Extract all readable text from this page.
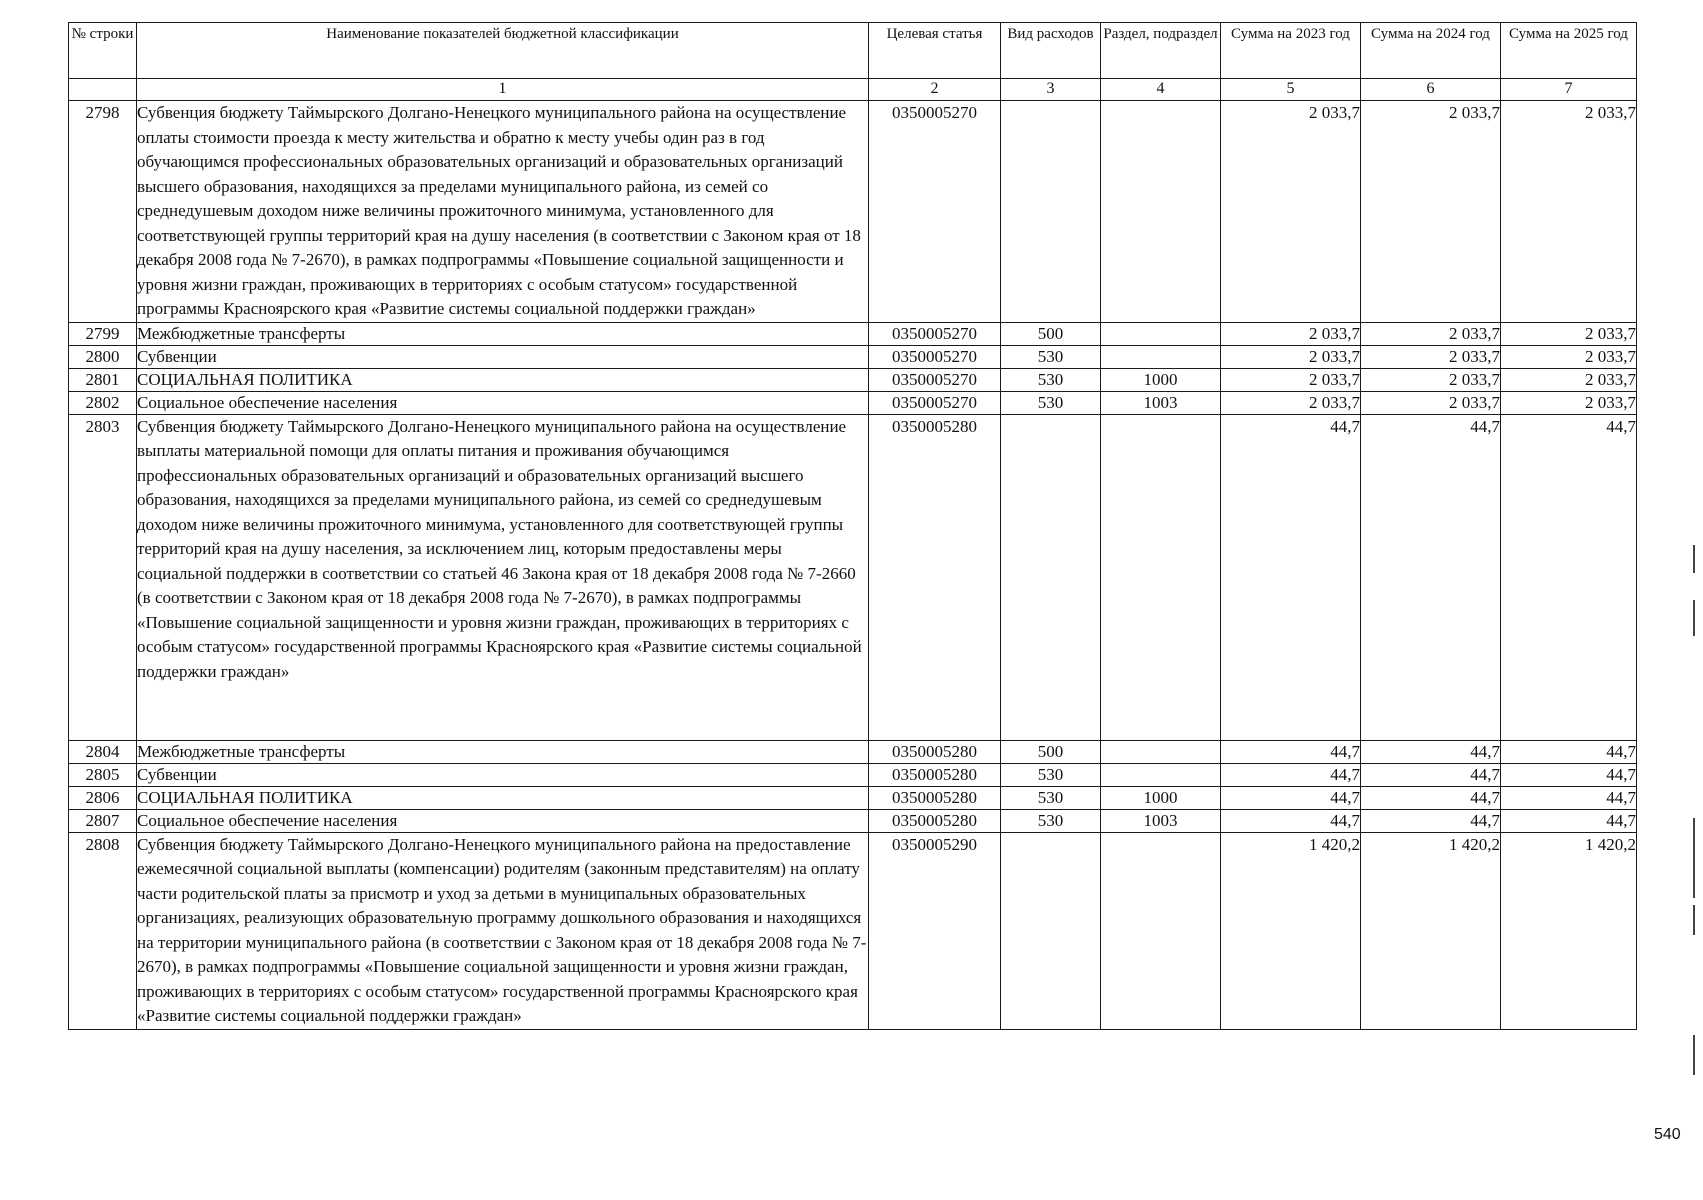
№ строки	Наименование показателей бюджетной классификации	Целевая статья	Вид расходов	Раздел, подраздел	Сумма на 2023 год	Сумма на 2024 год	Сумма на 2025 год
	1	2	3	4	5	6	7
2798	Субвенция бюджету Таймырского Долгано-Ненецкого муниципального района на осуществление оплаты стоимости проезда к месту жительства и обратно к месту учебы один раз в год обучающимся профессиональных образовательных организаций и образовательных организаций высшего образования, находящихся за пределами муниципального района, из семей со среднедушевым доходом ниже величины прожиточного минимума, установленного для соответствующей группы территорий края на душу населения (в соответствии с Законом края от 18 декабря 2008 года № 7-2670), в рамках подпрограммы «Повышение социальной защищенности и уровня жизни граждан, проживающих в территориях с особым статусом» государственной программы Красноярского края «Развитие системы социальной поддержки граждан»	0350005270			2 033,7	2 033,7	2 033,7
2799	Межбюджетные трансферты	0350005270	500		2 033,7	2 033,7	2 033,7
2800	Субвенции	0350005270	530		2 033,7	2 033,7	2 033,7
2801	СОЦИАЛЬНАЯ ПОЛИТИКА	0350005270	530	1000	2 033,7	2 033,7	2 033,7
2802	Социальное обеспечение населения	0350005270	530	1003	2 033,7	2 033,7	2 033,7
2803	Субвенция бюджету Таймырского Долгано-Ненецкого муниципального района на осуществление выплаты материальной помощи для оплаты питания и проживания обучающимся профессиональных образовательных организаций и образовательных организаций высшего образования, находящихся за пределами муниципального района, из семей со среднедушевым доходом ниже величины прожиточного минимума, установленного для соответствующей группы территорий края на душу населения, за исключением лиц, которым предоставлены меры социальной поддержки в соответствии со статьей 46 Закона края от 18 декабря 2008 года № 7-2660 (в соответствии с Законом края от 18 декабря 2008 года № 7-2670), в рамках подпрограммы «Повышение социальной защищенности и уровня жизни граждан, проживающих в территориях с особым статусом» государственной программы Красноярского края «Развитие системы социальной поддержки граждан»	0350005280			44,7	44,7	44,7
2804	Межбюджетные трансферты	0350005280	500		44,7	44,7	44,7
2805	Субвенции	0350005280	530		44,7	44,7	44,7
2806	СОЦИАЛЬНАЯ ПОЛИТИКА	0350005280	530	1000	44,7	44,7	44,7
2807	Социальное обеспечение населения	0350005280	530	1003	44,7	44,7	44,7
2808	Субвенция бюджету Таймырского Долгано-Ненецкого муниципального района на предоставление ежемесячной социальной выплаты (компенсации) родителям (законным представителям) на оплату части родительской платы за присмотр и уход за детьми в муниципальных образовательных организациях, реализующих образовательную программу дошкольного образования и находящихся на территории муниципального района (в соответствии с Законом края от 18 декабря 2008 года № 7-2670), в рамках подпрограммы «Повышение социальной защищенности и уровня жизни граждан, проживающих в территориях с особым статусом» государственной программы Красноярского края «Развитие системы социальной поддержки граждан»	0350005290			1 420,2	1 420,2	1 420,2
540
